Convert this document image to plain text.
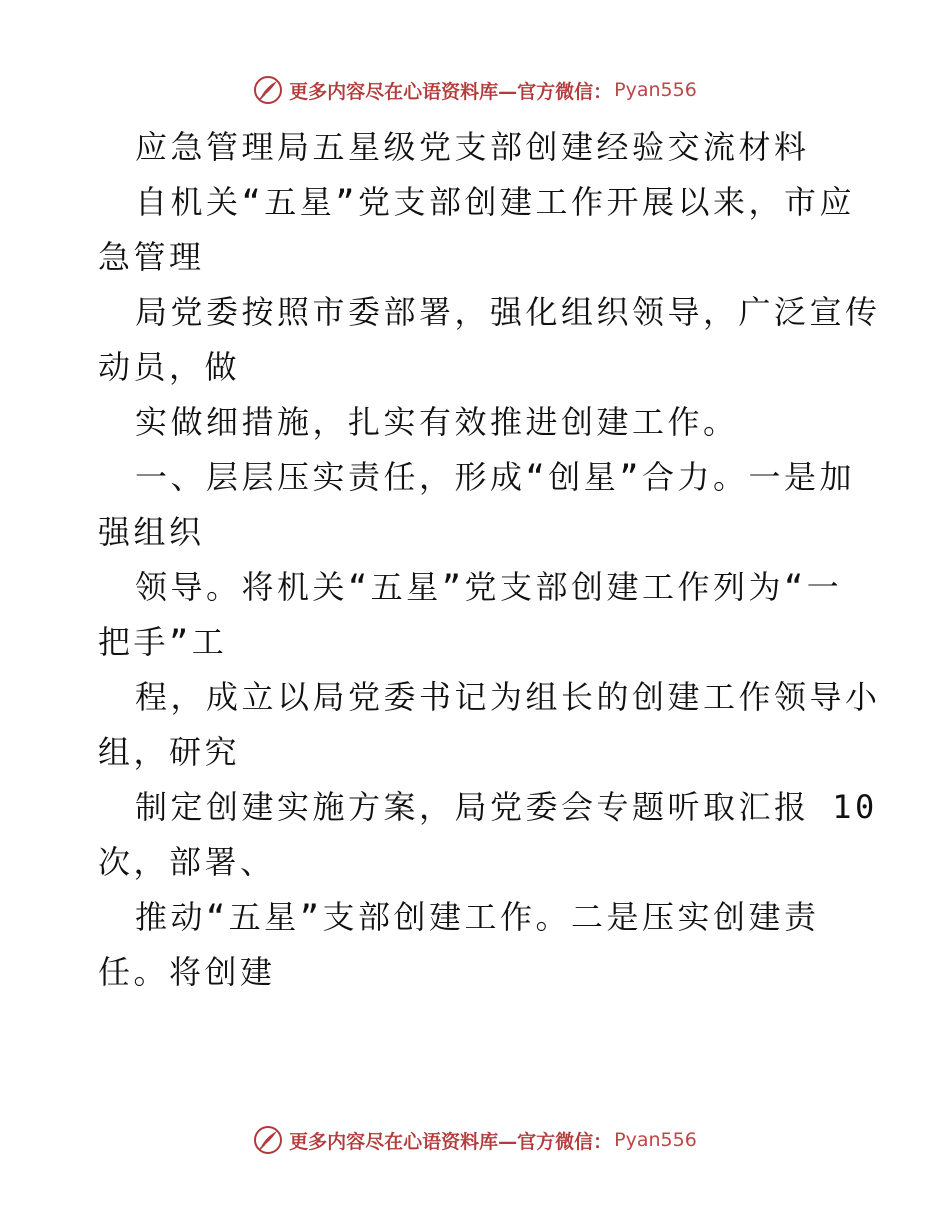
更多内容尽在心语资料库—官方微信： Pyan556
应急管理局五星级党支部创建经验交流材料
自机关“五星”党支部创建工作开展以来，市应
急管理
局党委按照市委部署，强化组织领导，广泛宣传
动员，做
实做细措施，扎实有效推进创建工作。
一、层层压实责任，形成“创星”合力。一是加
强组织
领导。将机关“五星”党支部创建工作列为“一
把手”工
程，成立以局党委书记为组长的创建工作领导小
组，研究
制定创建实施方案，局党委会专题听取汇报 10
次，部署、
推动“五星”支部创建工作。二是压实创建责
任。将创建
更多内容尽在心语资料库—官方微信： Pyan556
